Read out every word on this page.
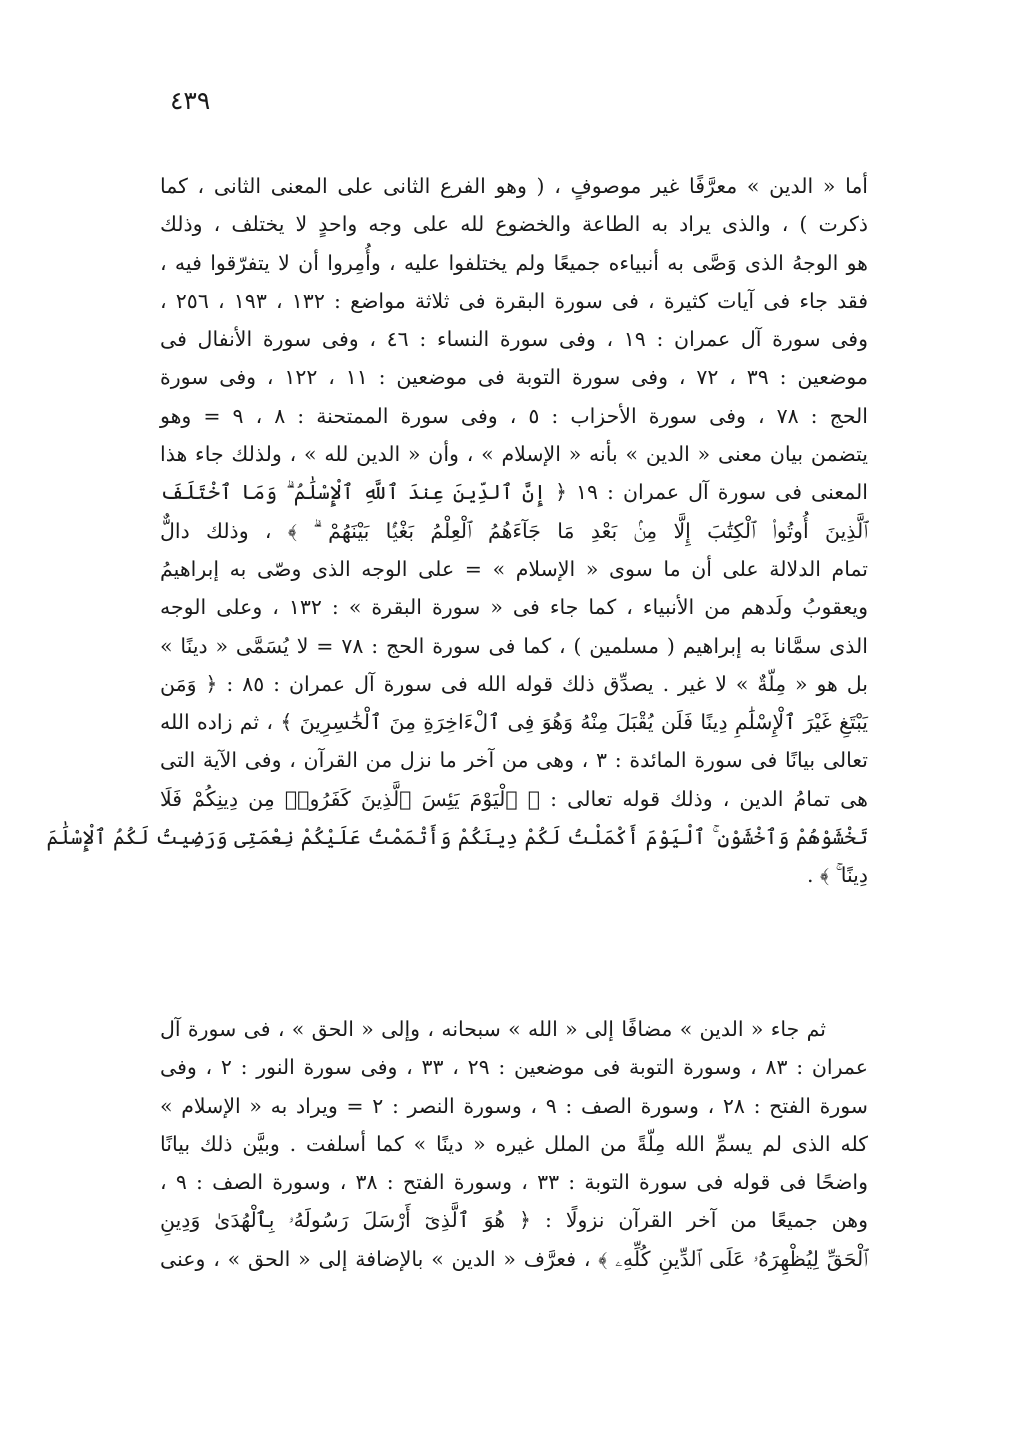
٤٣٩
أما « الدين » معرَّفًا غير موصوفٍ ، ( وهو الفرع الثانى على المعنى الثانى ، كما
ذكرت ) ، والذى يراد به الطاعة والخضوع لله على وجه واحدٍ لا يختلف ، وذلك
هو الوجهُ الذى وَصَّى به أنبياءه جميعًا ولم يختلفوا عليه ، وأُمِروا أن لا يتفرّقوا فيه ،
فقد جاء فى آيات كثيرة ، فى سورة البقرة فى ثلاثة مواضع : ١٣٢ ، ١٩٣ ، ٢٥٦ ،
وفى سورة آل عمران : ١٩ ، وفى سورة النساء : ٤٦ ، وفى سورة الأنفال فى
موضعين : ٣٩ ، ٧٢ ، وفى سورة التوبة فى موضعين : ١١ ، ١٢٢ ، وفى سورة
الحج : ٧٨ ، وفى سورة الأحزاب : ٥ ، وفى سورة الممتحنة : ٨ ، ٩ = وهو
يتضمن بيان معنى « الدين » بأنه « الإسلام » ، وأن « الدين لله » ، ولذلك جاء هذا
المعنى فى سورة آل عمران : ١٩ ﴿ إِنَّ ٱلدِّينَ عِندَ ٱللَّهِ ٱلْإِسْلَٰمُ ۗ وَمَا ٱخْتَلَفَ
ٱلَّذِينَ أُوتُوا۟ ٱلْكِتَٰبَ إِلَّا مِنۢ بَعْدِ مَا جَآءَهُمُ ٱلْعِلْمُ بَغْيًۢا بَيْنَهُمْ ۗ ﴾ ، وذلك دالٌّ
تمام الدلالة على أن ما سوى « الإسلام » = على الوجه الذى وصّى به إبراهيمُ
ويعقوبُ ولَدهم من الأنبياء ، كما جاء فى « سورة البقرة » : ١٣٢ ، وعلى الوجه
الذى سمَّانا به إبراهيم ( مسلمين ) ، كما فى سورة الحج : ٧٨ = لا يُسَمَّى « دينًا »
بل هو « مِلّةٌ » لا غير . يصدِّق ذلك قوله الله فى سورة آل عمران : ٨٥ : ﴿ وَمَن
يَبْتَغِ غَيْرَ ٱلْإِسْلَٰمِ دِينًا فَلَن يُقْبَلَ مِنْهُ وَهُوَ فِى ٱلْءَاخِرَةِ مِنَ ٱلْخَٰسِرِينَ ﴾ ، ثم زاده الله
تعالى بيانًا فى سورة المائدة : ٣ ، وهى من آخر ما نزل من القرآن ، وفى الآية التى
هى تمامُ الدين ، وذلك قوله تعالى : ﴿ ٱلْيَوْمَ يَئِسَ ٱلَّذِينَ كَفَرُوا۟ مِن دِينِكُمْ فَلَا
تَخْشَوْهُمْ وَٱخْشَوْنِ ۚ ٱلْيَوْمَ أَكْمَلْتُ لَكُمْ دِينَكُمْ وَأَتْمَمْتُ عَلَيْكُمْ نِعْمَتِى وَرَضِيتُ لَكُمُ ٱلْإِسْلَٰمَ
دِينًا ۚ ﴾ .
ثم جاء « الدين » مضافًا إلى « الله » سبحانه ، وإلى « الحق » ، فى سورة آل
عمران : ٨٣ ، وسورة التوبة فى موضعين : ٢٩ ، ٣٣ ، وفى سورة النور : ٢ ، وفى
سورة الفتح : ٢٨ ، وسورة الصف : ٩ ، وسورة النصر : ٢ = ويراد به « الإسلام »
كله الذى لم يسمِّ الله مِلّةً من الملل غيره « دينًا » كما أسلفت . وبيَّن ذلك بيانًا
واضحًا فى قوله فى سورة التوبة : ٣٣ ، وسورة الفتح : ٣٨ ، وسورة الصف : ٩ ،
وهن جميعًا من آخر القرآن نزولًا : ﴿ هُوَ ٱلَّذِىٓ أَرْسَلَ رَسُولَهُۥ بِٱلْهُدَىٰ وَدِينِ
ٱلْحَقِّ لِيُظْهِرَهُۥ عَلَى ٱلدِّينِ كُلِّهِۦ ﴾ ، فعرَّف « الدين » بالإضافة إلى « الحق » ، وعنى
